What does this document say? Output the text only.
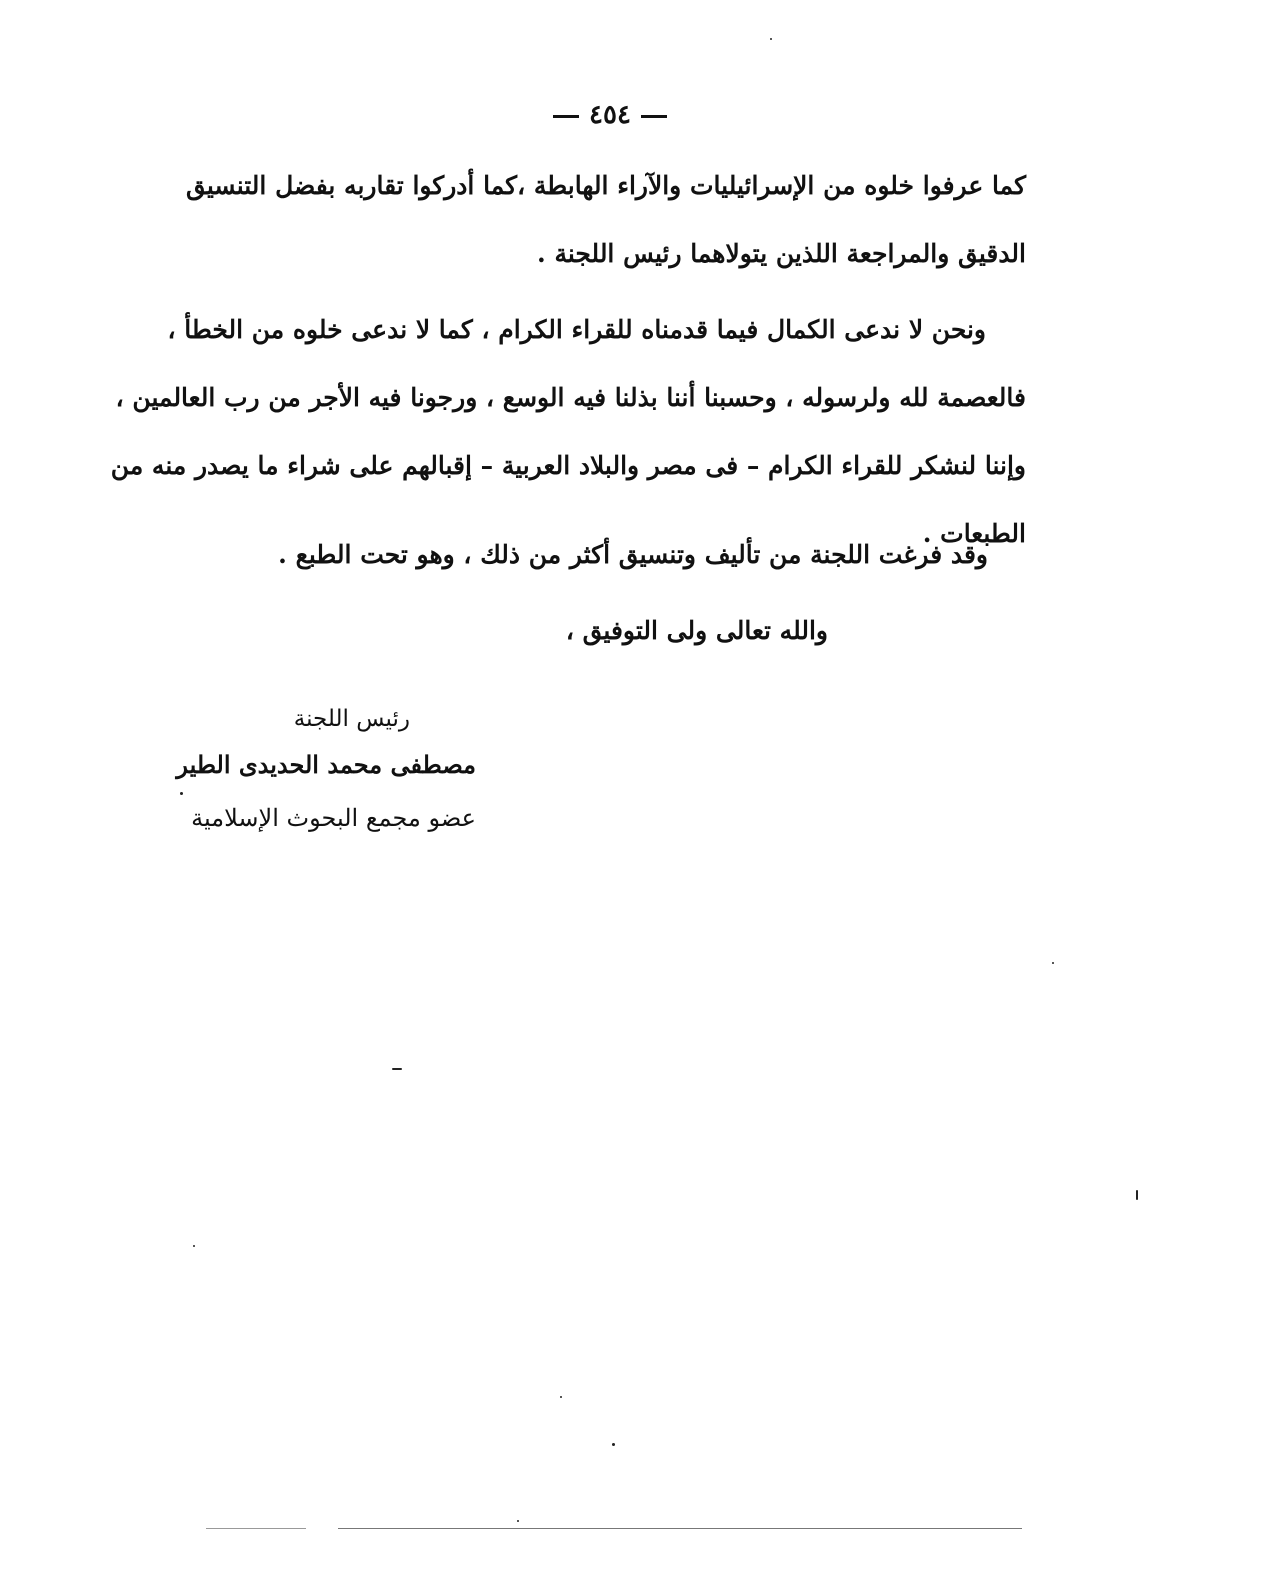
٤٥٤
كما عرفوا خلوه من الإسرائيليات والآراء الهابطة ،كما أدركوا تقاربه بفضل التنسيق
الدقيق والمراجعة اللذين يتولاهما رئيس اللجنة .
ونحن لا ندعى الكمال فيما قدمناه للقراء الكرام ، كما لا ندعى خلوه من الخطأ ،
فالعصمة لله ولرسوله ، وحسبنا أننا بذلنا فيه الوسع ، ورجونا فيه الأجر من رب العالمين ،
وإننا لنشكر للقراء الكرام – فى مصر والبلاد العربية – إقبالهم على شراء ما يصدر منه من
الطبعات .
وقد فرغت اللجنة من تأليف وتنسيق أكثر من ذلك ، وهو تحت الطبع .
والله تعالى ولى التوفيق ،
رئيس اللجنة
مصطفى محمد الحديدى الطير
عضو مجمع البحوث الإسلامية
